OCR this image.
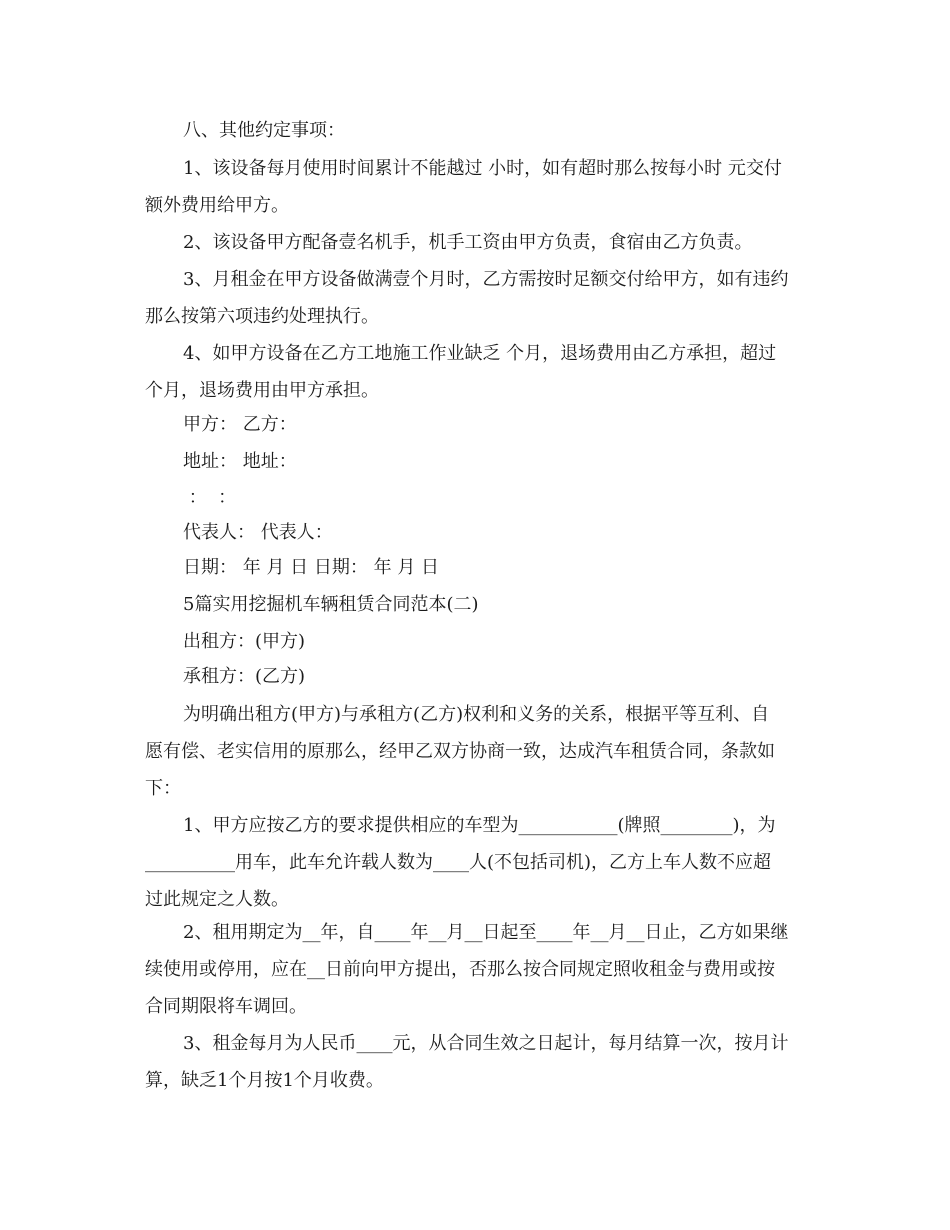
八、其他约定事项：

1、该设备每月使用时间累计不能越过 小时，如有超时那么按每小时 元交付

额外费用给甲方。

2、该设备甲方配备壹名机手，机手工资由甲方负责，食宿由乙方负责。

3、月租金在甲方设备做满壹个月时，乙方需按时足额交付给甲方，如有违约

那么按第六项违约处理执行。

4、如甲方设备在乙方工地施工作业缺乏 个月，退场费用由乙方承担，超过

个月，退场费用由甲方承担。

甲方： 乙方：

地址： 地址：

：  ：

代表人： 代表人：

日期： 年 月 日 日期： 年 月 日

5篇实用挖掘机车辆租赁合同范本(二)

出租方：(甲方)

承租方：(乙方)

为明确出租方(甲方)与承租方(乙方)权利和义务的关系，根据平等互利、自

愿有偿、老实信用的原那么，经甲乙双方协商一致，达成汽车租赁合同，条款如

下：

1、甲方应按乙方的要求提供相应的车型为___________(牌照________)，为

__________用车，此车允许载人数为____人(不包括司机)，乙方上车人数不应超

过此规定之人数。

2、租用期定为__年，自____年__月__日起至____年__月__日止，乙方如果继

续使用或停用，应在__日前向甲方提出，否那么按合同规定照收租金与费用或按

合同期限将车调回。

3、租金每月为人民币____元，从合同生效之日起计，每月结算一次，按月计

算，缺乏1个月按1个月收费。
